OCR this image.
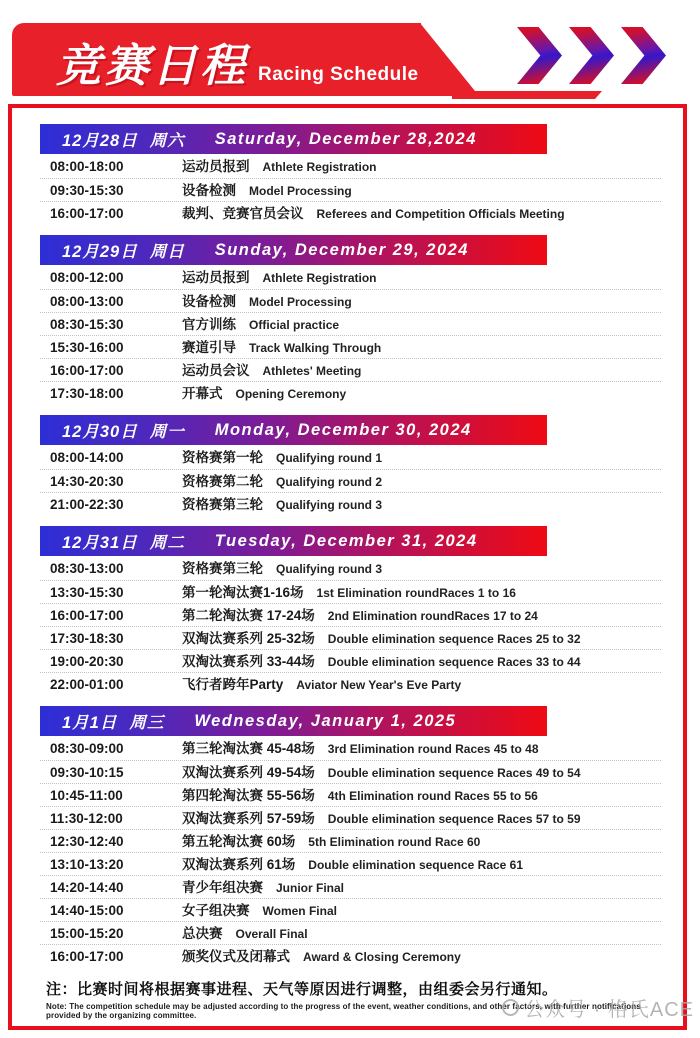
竞赛日程 Racing Schedule
12月28日 周六 Saturday, December 28,2024
08:00-18:00	运动员报到 Athlete Registration
09:30-15:30	设备检测 Model Processing
16:00-17:00	裁判、竞赛官员会议 Referees and Competition Officials Meeting
12月29日 周日 Sunday, December 29, 2024
08:00-12:00	运动员报到 Athlete Registration
08:00-13:00	设备检测 Model Processing
08:30-15:30	官方训练 Official practice
15:30-16:00	赛道引导 Track Walking Through
16:00-17:00	运动员会议 Athletes' Meeting
17:30-18:00	开幕式 Opening Ceremony
12月30日 周一 Monday, December 30, 2024
08:00-14:00	资格赛第一轮 Qualifying round 1
14:30-20:30	资格赛第二轮 Qualifying round 2
21:00-22:30	资格赛第三轮 Qualifying round 3
12月31日 周二 Tuesday, December 31, 2024
08:30-13:00	资格赛第三轮 Qualifying round 3
13:30-15:30	第一轮淘汰赛1-16场 1st Elimination roundRaces 1 to 16
16:00-17:00	第二轮淘汰赛 17-24场 2nd Elimination roundRaces 17 to 24
17:30-18:30	双淘汰赛系列 25-32场 Double elimination sequence Races 25 to 32
19:00-20:30	双淘汰赛系列 33-44场 Double elimination sequence Races 33 to 44
22:00-01:00	飞行者跨年Party Aviator New Year's Eve Party
1月1日 周三 Wednesday, January 1, 2025
08:30-09:00	第三轮淘汰赛 45-48场 3rd Elimination round Races 45 to 48
09:30-10:15	双淘汰赛系列 49-54场 Double elimination sequence Races 49 to 54
10:45-11:00	第四轮淘汰赛 55-56场 4th Elimination round Races 55 to 56
11:30-12:00	双淘汰赛系列 57-59场 Double elimination sequence Races 57 to 59
12:30-12:40	第五轮淘汰赛 60场 5th Elimination round Race 60
13:10-13:20	双淘汰赛系列 61场 Double elimination sequence Race 61
14:20-14:40	青少年组决赛 Junior Final
14:40-15:00	女子组决赛 Women Final
15:00-15:20	总决赛 Overall Final
16:00-17:00	颁奖仪式及闭幕式 Award & Closing Ceremony
注：比赛时间将根据赛事进程、天气等原因进行调整，由组委会另行通知。
Note: The competition schedule may be adjusted according to the progress of the event, weather conditions, and other factors, with further notifications provided by the organizing committee.	公众号 · 格氏ACE
